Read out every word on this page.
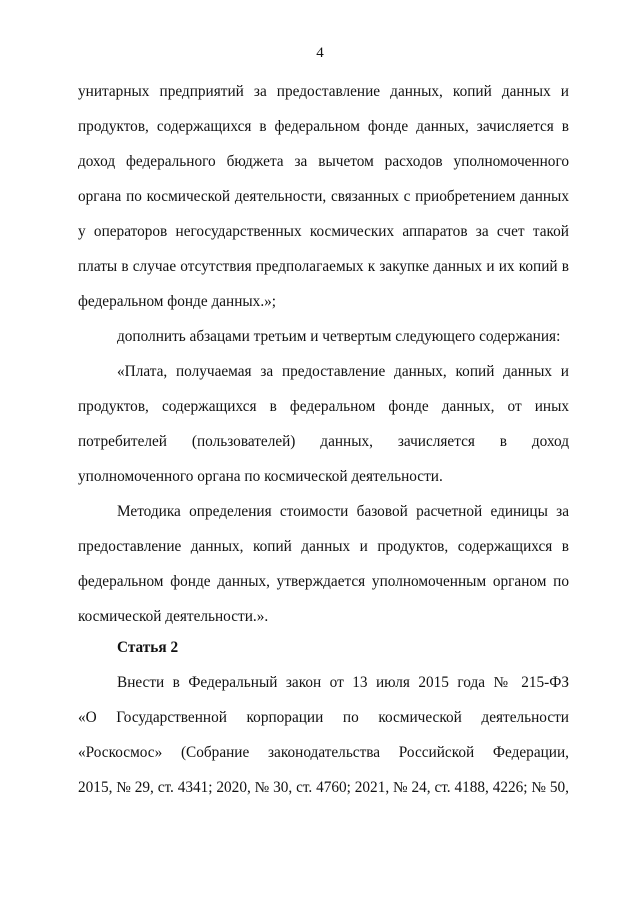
4
унитарных предприятий за предоставление данных, копий данных и
продуктов, содержащихся в федеральном фонде данных, зачисляется в
доход федерального бюджета за вычетом расходов уполномоченного
органа по космической деятельности, связанных с приобретением данных
у операторов негосударственных космических аппаратов за счет такой
платы в случае отсутствия предполагаемых к закупке данных и их копий в
федеральном фонде данных.»;
дополнить абзацами третьим и четвертым следующего содержания:
«Плата, получаемая за предоставление данных, копий данных и
продуктов, содержащихся в федеральном фонде данных, от иных
потребителей (пользователей) данных, зачисляется в доход
уполномоченного органа по космической деятельности.
Методика определения стоимости базовой расчетной единицы за
предоставление данных, копий данных и продуктов, содержащихся в
федеральном фонде данных, утверждается уполномоченным органом по
космической деятельности.».
Статья 2
Внести в Федеральный закон от 13 июля 2015 года № 215-ФЗ
«О Государственной корпорации по космической деятельности
«Роскосмос» (Собрание законодательства Российской Федерации,
2015, № 29, ст. 4341; 2020, № 30, ст. 4760; 2021, № 24, ст. 4188, 4226; № 50,
